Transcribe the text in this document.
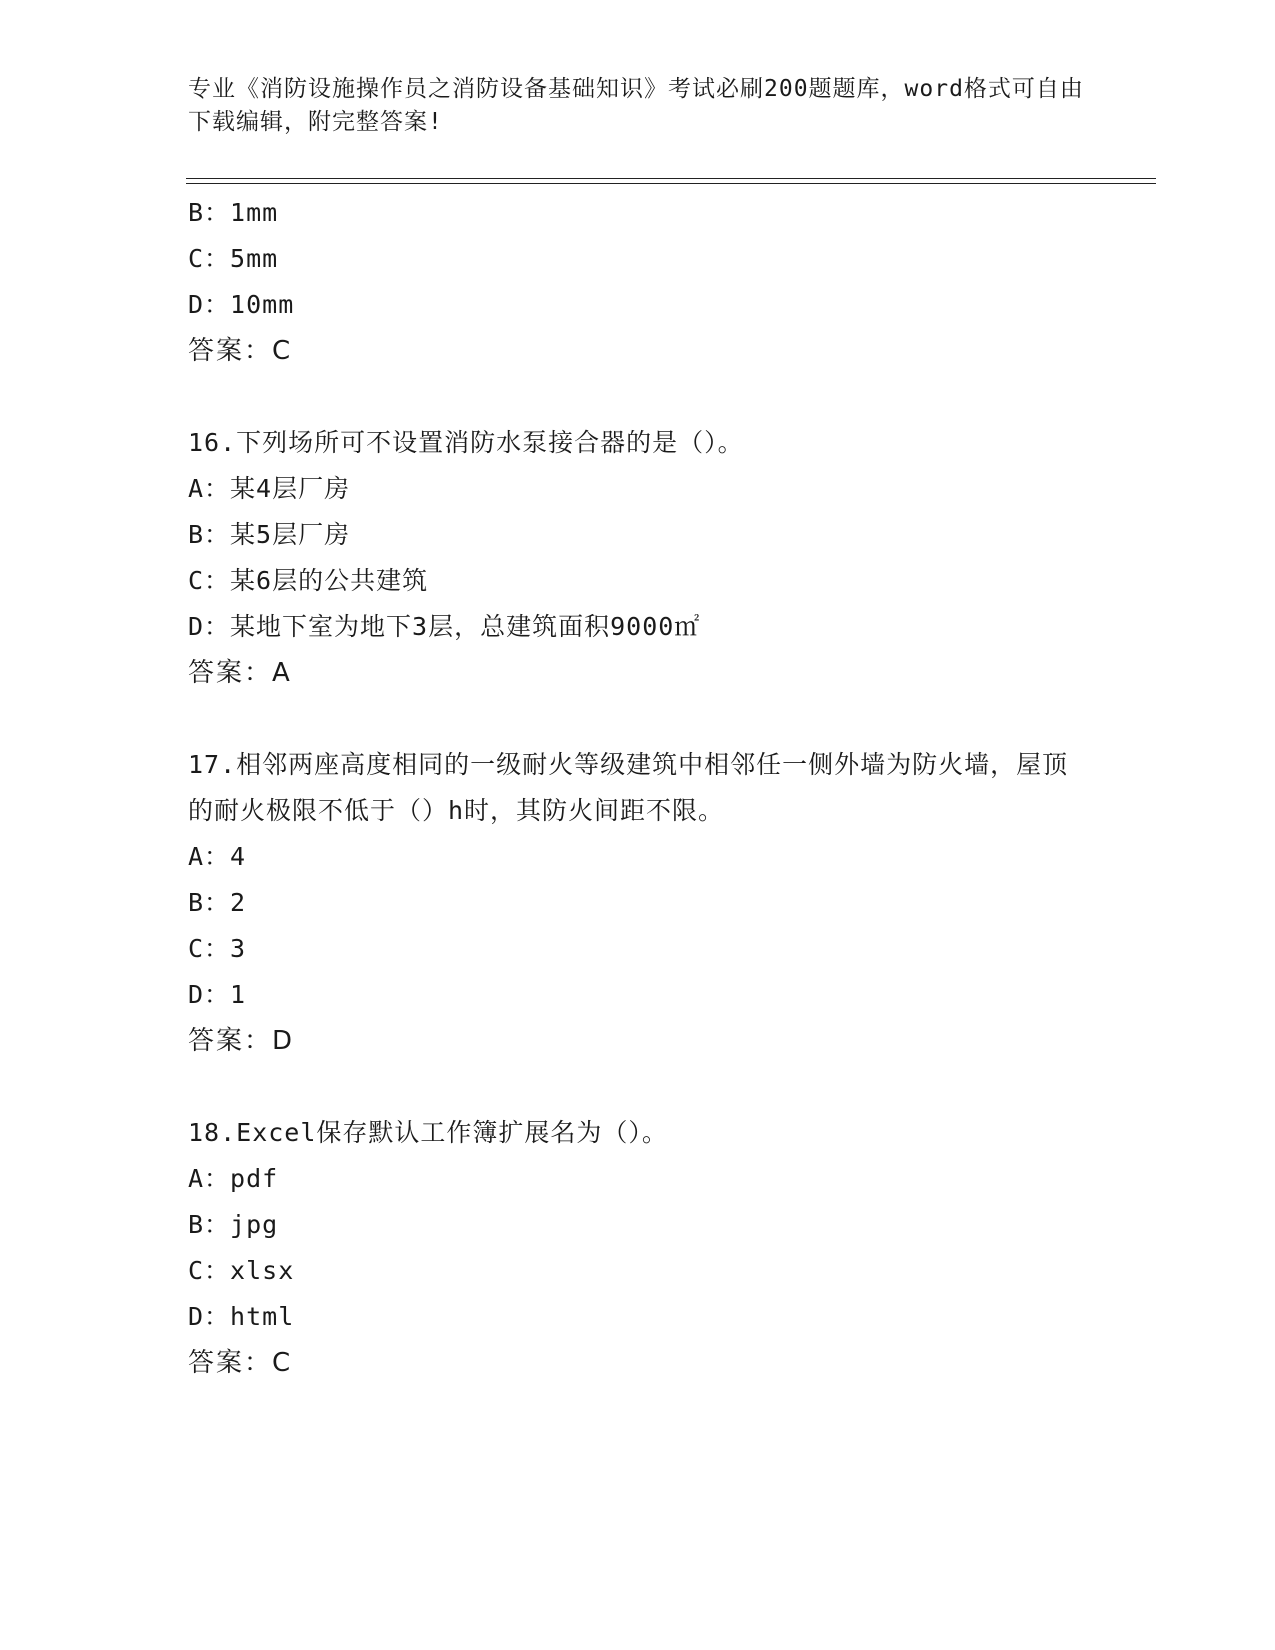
专业《消防设施操作员之消防设备基础知识》考试必刷200题题库，word格式可自由下载编辑，附完整答案!
B：1mm
C：5mm
D：10mm
答案：C
16.下列场所可不设置消防水泵接合器的是（）。
A：某4层厂房
B：某5层厂房
C：某6层的公共建筑
D：某地下室为地下3层，总建筑面积9000㎡
答案：A
17.相邻两座高度相同的一级耐火等级建筑中相邻任一侧外墙为防火墙，屋顶的耐火极限不低于（）h时，其防火间距不限。
A：4
B：2
C：3
D：1
答案：D
18.Excel保存默认工作簿扩展名为（）。
A：pdf
B：jpg
C：xlsx
D：html
答案：C
